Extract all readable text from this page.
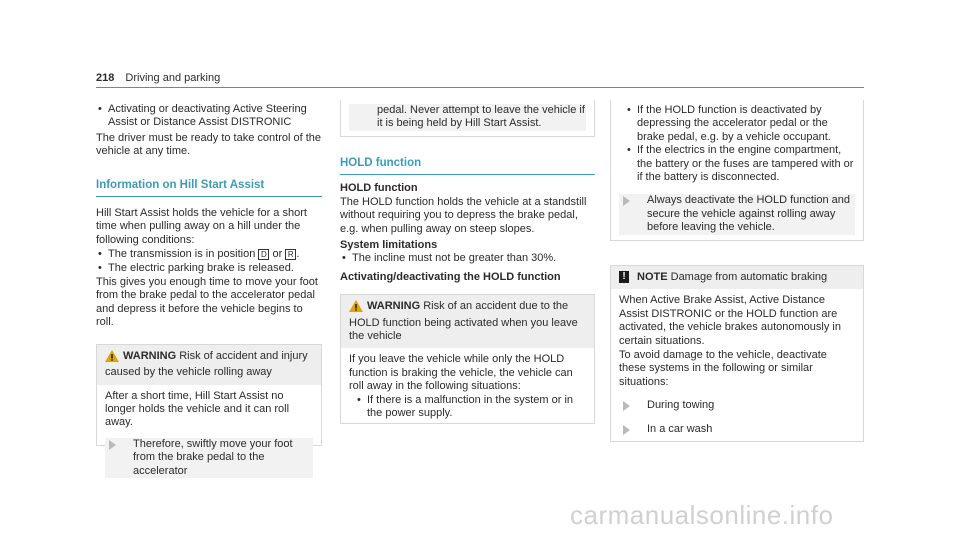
218 Driving and parking

• Activating or deactivating Active Steering Assist or Distance Assist DISTRONIC

The driver must be ready to take control of the vehicle at any time.

Information on Hill Start Assist

Hill Start Assist holds the vehicle for a short time when pulling away on a hill under the following conditions:

• The transmission is in position D or R .

• The electric parking brake is released.

This gives you enough time to move your foot from the brake pedal to the accelerator pedal and depress it before the vehicle begins to roll.

WARNING Risk of accident and injury caused by the vehicle rolling away

After a short time, Hill Start Assist no longer holds the vehicle and it can roll away.

Therefore, swiftly move your foot from the brake pedal to the accelerator

pedal. Never attempt to leave the vehicle if it is being held by Hill Start Assist.

HOLD function

HOLD function

The HOLD function holds the vehicle at a standstill without requiring you to depress the brake pedal, e.g. when pulling away on steep slopes.

System limitations

• The incline must not be greater than 30%.

Activating/deactivating the HOLD function

WARNING Risk of an accident due to the HOLD function being activated when you leave the vehicle

If you leave the vehicle while only the HOLD function is braking the vehicle, the vehicle can roll away in the following situations:

• If there is a malfunction in the system or in the power supply.

• If the HOLD function is deactivated by depressing the accelerator pedal or the brake pedal, e.g. by a vehicle occupant.

• If the electrics in the engine compartment, the battery or the fuses are tampered with or if the battery is disconnected.

Always deactivate the HOLD function and secure the vehicle against rolling away before leaving the vehicle.

! NOTE Damage from automatic braking

When Active Brake Assist, Active Distance Assist DISTRONIC or the HOLD function are activated, the vehicle brakes autonomously in certain situations.

To avoid damage to the vehicle, deactivate these systems in the following or similar situations:

During towing

In a car wash

carmanualsonline.info
